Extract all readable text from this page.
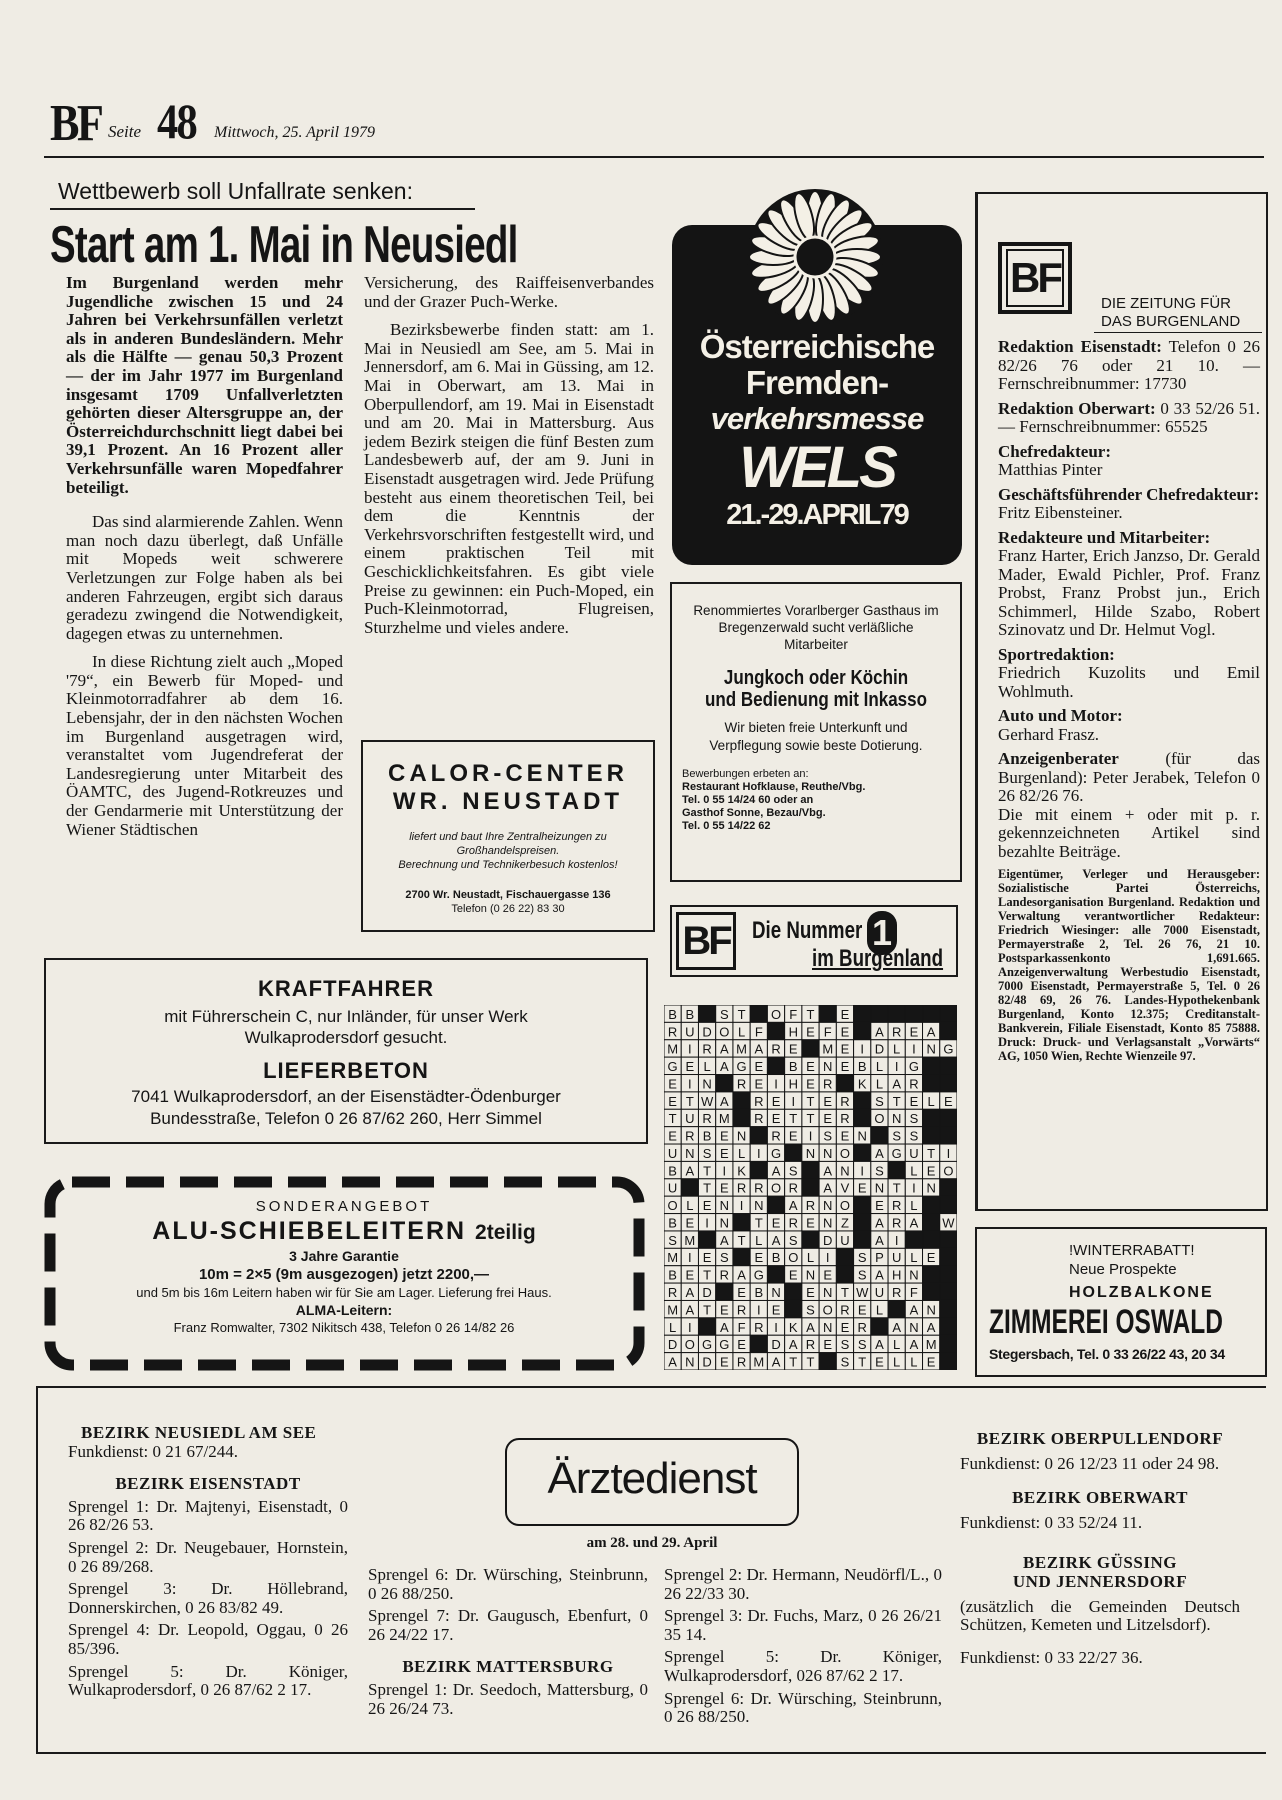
BF Seite 48 Mittwoch, 25. April 1979
Wettbewerb soll Unfallrate senken:
Start am 1. Mai in Neusiedl

Im Burgenland werden mehr Jugendliche zwischen 15 und 24 Jahren bei Verkehrsunfällen verletzt als in anderen Bundesländern. Mehr als die Hälfte — genau 50,3 Prozent — der im Jahr 1977 im Burgenland insgesamt 1709 Unfallverletzten gehörten dieser Altersgruppe an, der Österreichdurchschnitt liegt dabei bei 39,1 Prozent. An 16 Prozent aller Verkehrsunfälle waren Mopedfahrer beteiligt.

Das sind alarmierende Zahlen. Wenn man noch dazu überlegt, daß Unfälle mit Mopeds weit schwerere Verletzungen zur Folge haben als bei anderen Fahrzeugen, ergibt sich daraus geradezu zwingend die Notwendigkeit, dagegen etwas zu unternehmen.

In diese Richtung zielt auch „Moped '79“, ein Bewerb für Moped- und Kleinmotorradfahrer ab dem 16. Lebensjahr, der in den nächsten Wochen im Burgenland ausgetragen wird, veranstaltet vom Jugendreferat der Landesregierung unter Mitarbeit des ÖAMTC, des Jugend-Rotkreuzes und der Gendarmerie mit Unterstützung der Wiener Städtischen

Versicherung, des Raiffeisenverbandes und der Grazer Puch-Werke.

Bezirksbewerbe finden statt: am 1. Mai in Neusiedl am See, am 5. Mai in Jennersdorf, am 6. Mai in Güssing, am 12. Mai in Oberwart, am 13. Mai in Oberpullendorf, am 19. Mai in Eisenstadt und am 20. Mai in Mattersburg. Aus jedem Bezirk steigen die fünf Besten zum Landesbewerb auf, der am 9. Juni in Eisenstadt ausgetragen wird. Jede Prüfung besteht aus einem theoretischen Teil, bei dem die Kenntnis der Verkehrsvorschriften festgestellt wird, und einem praktischen Teil mit Geschicklichkeitsfahren. Es gibt viele Preise zu gewinnen: ein Puch-Moped, ein Puch-Kleinmotorrad, Flugreisen, Sturzhelme und vieles andere.

CALOR-CENTER
WR. NEUSTADT
liefert und baut Ihre Zentralheizungen zu Großhandelspreisen.
Berechnung und Technikerbesuch kostenlos!
2700 Wr. Neustadt, Fischauergasse 136
Telefon (0 26 22) 83 30
KRAFTFAHRER
mit Führerschein C, nur Inländer, für unser Werk Wulkaprodersdorf gesucht.
LIEFERBETON
7041 Wulkaprodersdorf, an der Eisenstädter-Ödenburger Bundesstraße, Telefon 0 26 87/62 260, Herr Simmel
SONDERANGEBOT
ALU-SCHIEBELEITERN 2teilig
3 Jahre Garantie
10m = 2×5 (9m ausgezogen) jetzt 2200,—
und 5m bis 16m Leitern haben wir für Sie am Lager. Lieferung frei Haus.
ALMA-Leitern:
Franz Romwalter, 7302 Nikitsch 438, Telefon 0 26 14/82 26
Österreichische
Fremden-
verkehrsmesse
WELS
21.-29.APRIL79
Renommiertes Vorarlberger Gasthaus im Bregenzerwald sucht verläßliche Mitarbeiter
Jungkoch oder Köchin
und Bedienung mit Inkasso
Wir bieten freie Unterkunft und Verpflegung sowie beste Dotierung.
Bewerbungen erbeten an:
Restaurant Hofklause, Reuthe/Vbg.
Tel. 0 55 14/24 60 oder an
Gasthof Sonne, Bezau/Vbg.
Tel. 0 55 14/22 62
BF Die Nummer 1
im Burgenland
B B S T O F T E
R U D O L F H E F E A R E A
M I R A M A R E M E I D L I N G
G E L A G E B E N E B L I G
E I N R E I H E R K L A R
E T W A R E I T E R S T E L E
T U R M R E T T E R O N S
E R B E N R E I S E N S S
U N S E L I G N N O A G U T I
B A T I K A S A N I S L E O
U T E R R O R A V E N T I N
O L E N I N A R N O E R L
B E I N T E R E N Z A R A W
S M A T L A S D U A I
M I E S E B O L I S P U L E
B E T R A G E N E S A H N
R A D E B N E N T W U R F
M A T E R I E S O R E L A N
L I A F R I K A N E R A N A
D O G G E D A R E S S A L A M
A N D E R M A T T S T E L L E
BF
DIE ZEITUNG FÜR
DAS BURGENLAND

Redaktion Eisenstadt: Telefon 0 26 82/26 76 oder 21 10. — Fernschreibnummer: 17730

Redaktion Oberwart: 0 33 52/26 51. — Fernschreibnummer: 65525

Chefredakteur:

Matthias Pinter

Geschäftsführender Chefredakteur:

Fritz Eibensteiner.

Redakteure und Mitarbeiter:

Franz Harter, Erich Janzso, Dr. Gerald Mader, Ewald Pichler, Prof. Franz Probst, Franz Probst jun., Erich Schimmerl, Hilde Szabo, Robert Szinovatz und Dr. Helmut Vogl.

Sportredaktion:

Friedrich Kuzolits und Emil Wohlmuth.

Auto und Motor:

Gerhard Frasz.

Anzeigenberater	(für das Burgenland): Peter Jerabek, Telefon 0 26 82/26 76.

Die mit einem + oder mit p. r. gekennzeichneten Artikel sind bezahlte Beiträge.

Eigentümer, Verleger und Herausgeber: Sozialistische Partei Österreichs, Landesorganisation Burgenland. Redaktion und Verwaltung verantwortlicher Redakteur: Friedrich Wiesinger: alle 7000 Eisenstadt, Permayerstraße 2, Tel. 26 76, 21 10. Postsparkassenkonto 1,691.665. Anzeigenverwaltung Werbestudio Eisenstadt, 7000 Eisenstadt, Permayerstraße 5, Tel. 0 26 82/48 69, 26 76. Landes-Hypothekenbank Burgenland, Konto 12.375; Creditanstalt-Bankverein, Filiale Eisenstadt, Konto 85 75888. Druck: Druck- und Verlagsanstalt „Vorwärts“ AG, 1050 Wien, Rechte Wienzeile 97.

!WINTERRABATT!
Neue Prospekte
HOLZBALKONE
ZIMMEREI OSWALD
Stegersbach, Tel. 0 33 26/22 43, 20 34

BEZIRK NEUSIEDL AM SEE

Funkdienst: 0 21 67/244.

BEZIRK EISENSTADT

Sprengel 1: Dr. Majtenyi, Eisenstadt, 0 26 82/26 53.

Sprengel 2: Dr. Neugebauer, Hornstein, 0 26 89/268.

Sprengel 3: Dr. Höllebrand, Donnerskirchen, 0 26 83/82 49.

Sprengel 4: Dr. Leopold, Oggau, 0 26 85/396.

Sprengel 5: Dr. Königer, Wulkaprodersdorf, 0 26 87/62 2 17.

Ärztedienst
am 28. und 29. April

Sprengel 6: Dr. Würsching, Steinbrunn, 0 26 88/250.

Sprengel 7: Dr. Gaugusch, Ebenfurt, 0 26 24/22 17.

BEZIRK MATTERSBURG

Sprengel 1: Dr. Seedoch, Mattersburg, 0 26 26/24 73.

Sprengel 2: Dr. Hermann, Neudörfl/L., 0 26 22/33 30.

Sprengel 3: Dr. Fuchs, Marz, 0 26 26/21 35 14.

Sprengel 5: Dr. Königer, Wulkaprodersdorf, 026 87/62 2 17.

Sprengel 6: Dr. Würsching, Steinbrunn, 0 26 88/250.

BEZIRK OBERPULLENDORF

Funkdienst: 0 26 12/23 11 oder 24 98.

BEZIRK OBERWART

Funkdienst: 0 33 52/24 11.

BEZIRK GÜSSING

UND JENNERSDORF

(zusätzlich die Gemeinden Deutsch Schützen, Kemeten und Litzelsdorf).

Funkdienst: 0 33 22/27 36.
